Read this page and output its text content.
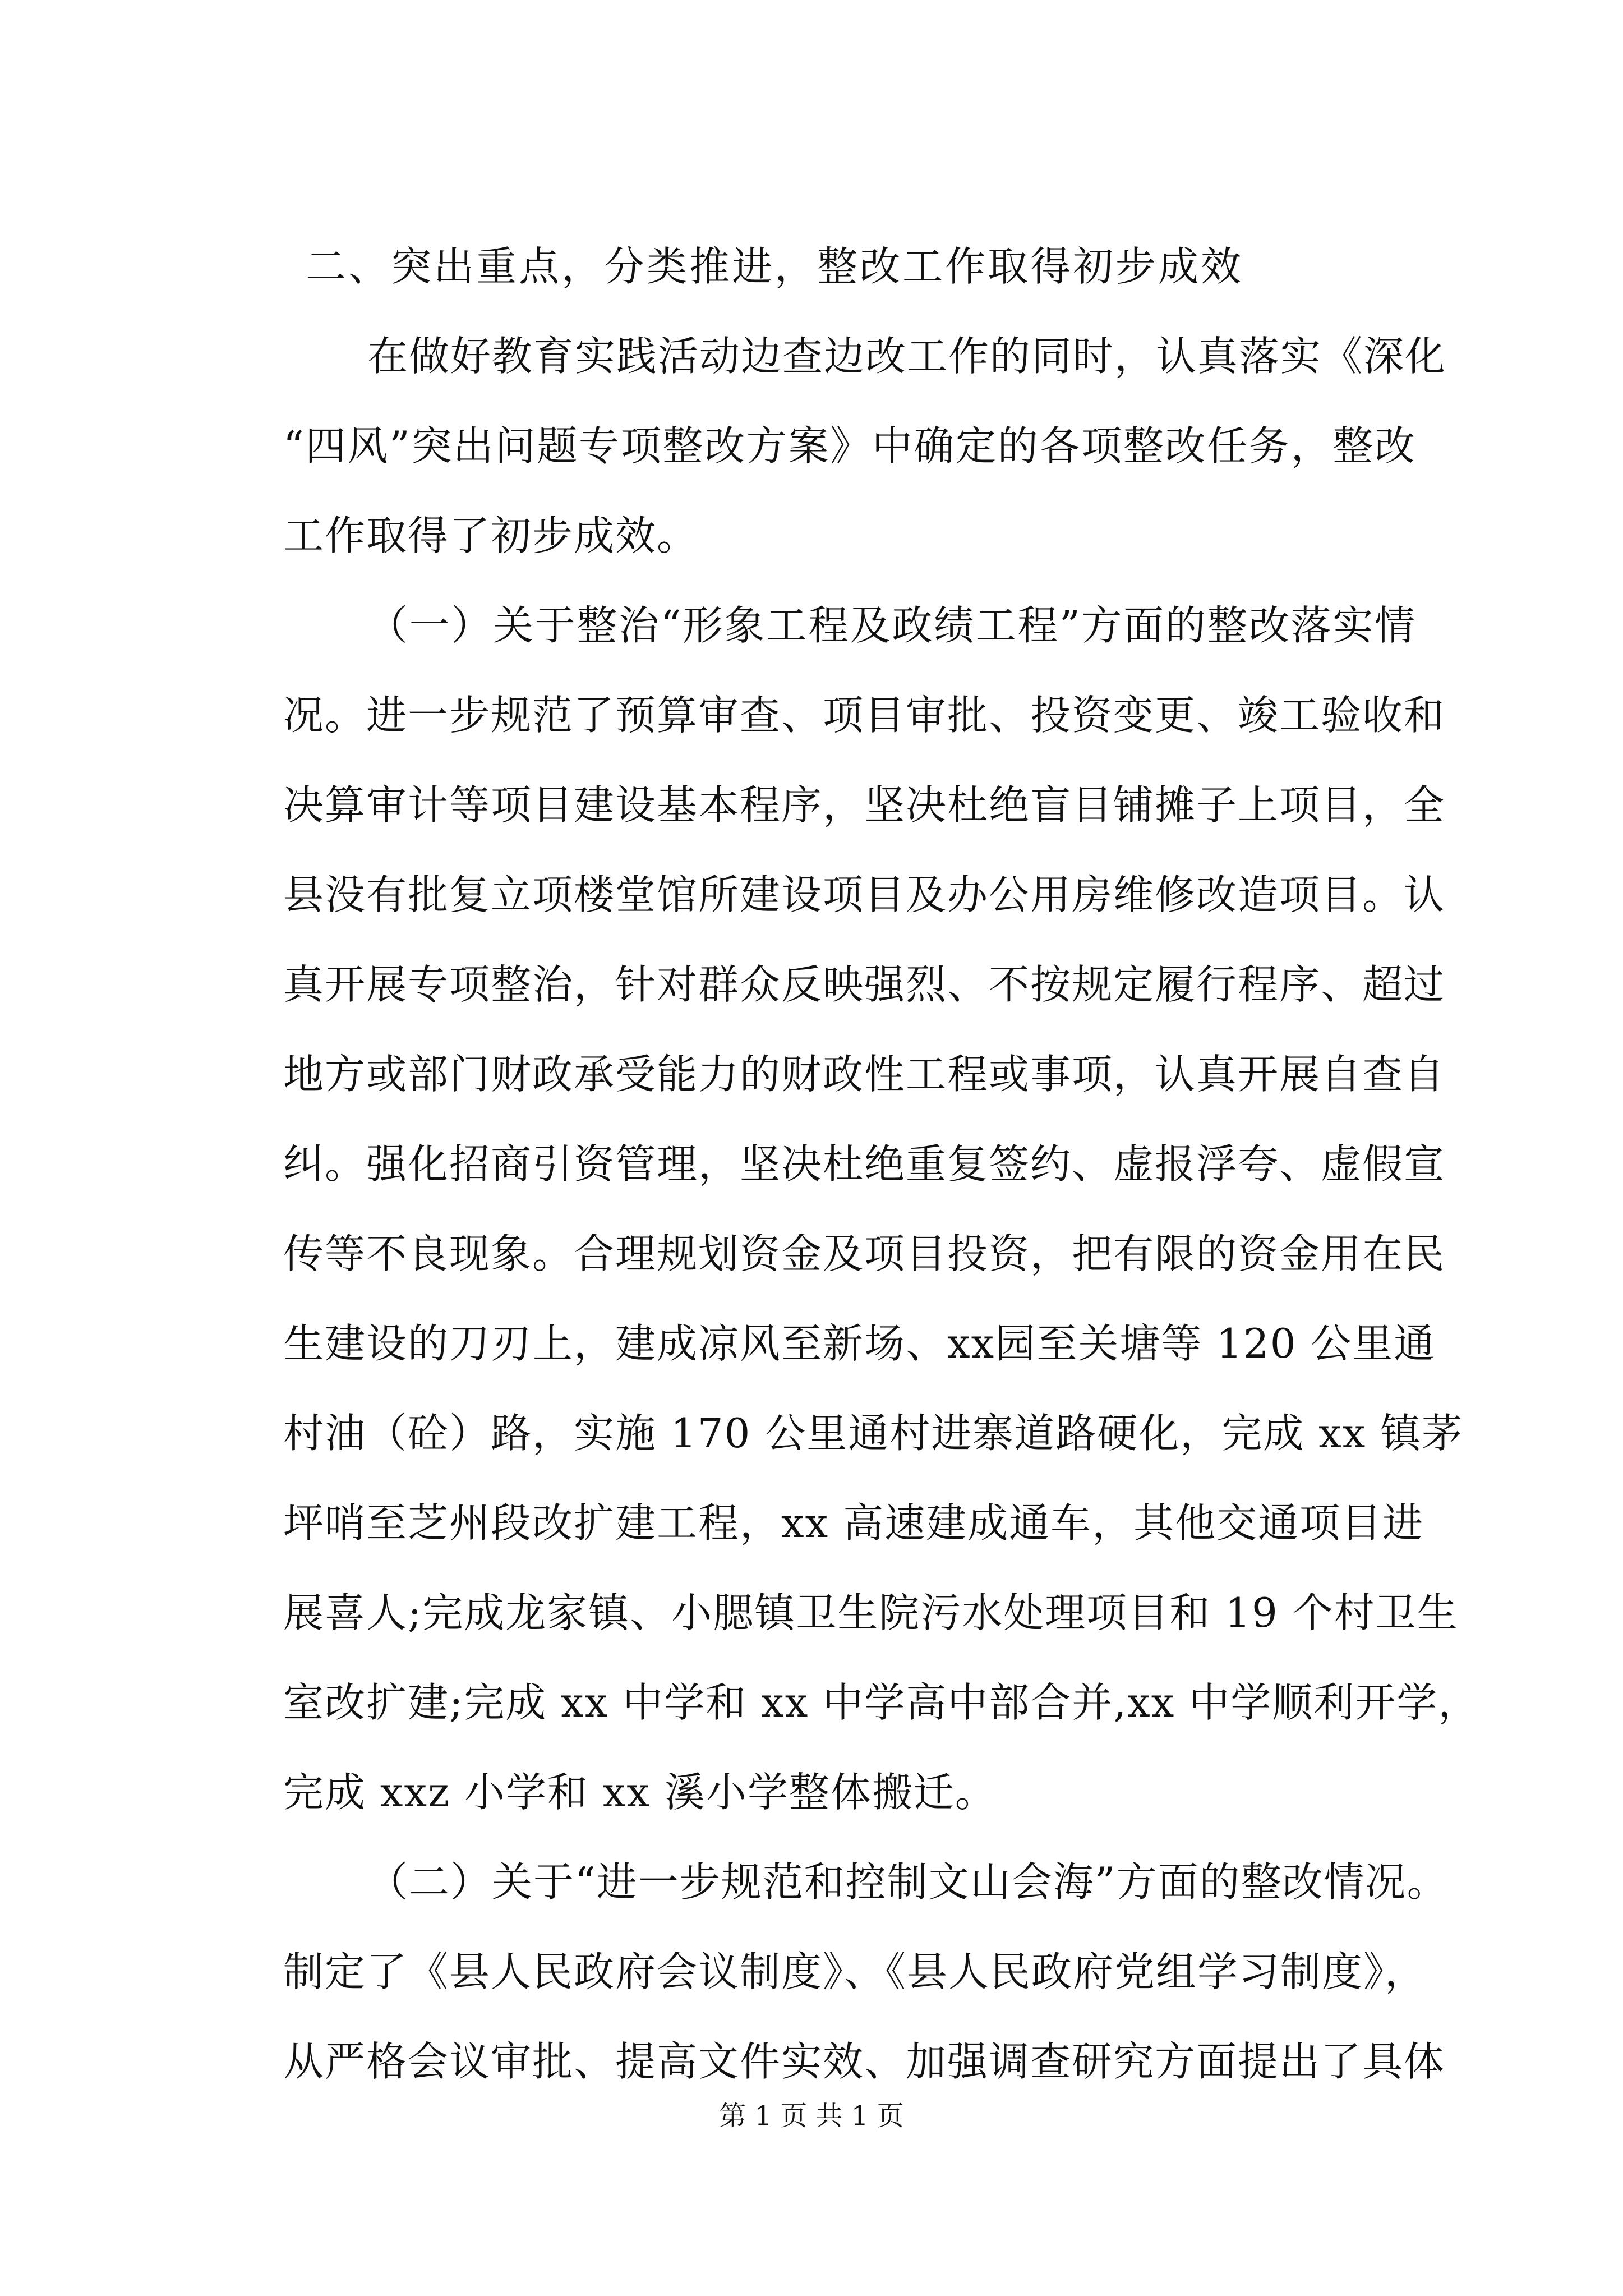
二、突出重点，分类推进，整改工作取得初步成效
在做好教育实践活动边查边改工作的同时，认真落实《深化
“四风”突出问题专项整改方案》中确定的各项整改任务，整改
工作取得了初步成效。
（一）关于整治“形象工程及政绩工程”方面的整改落实情
况。进一步规范了预算审查、项目审批、投资变更、竣工验收和
决算审计等项目建设基本程序，坚决杜绝盲目铺摊子上项目，全
县没有批复立项楼堂馆所建设项目及办公用房维修改造项目。认
真开展专项整治，针对群众反映强烈、不按规定履行程序、超过
地方或部门财政承受能力的财政性工程或事项，认真开展自查自
纠。强化招商引资管理，坚决杜绝重复签约、虚报浮夸、虚假宣
传等不良现象。合理规划资金及项目投资，把有限的资金用在民
生建设的刀刃上，建成凉风至新场、xx园至关塘等 120 公里通
村油（砼）路，实施 170 公里通村进寨道路硬化，完成 xx 镇茅
坪哨至芝州段改扩建工程，xx 高速建成通车，其他交通项目进
展喜人;完成龙家镇、小腮镇卫生院污水处理项目和 19 个村卫生
室改扩建;完成 xx 中学和 xx 中学高中部合并,xx 中学顺利开学，
完成 xxz 小学和 xx 溪小学整体搬迁。
（二）关于“进一步规范和控制文山会海”方面的整改情况。
制定了《县人民政府会议制度》、《县人民政府党组学习制度》，
从严格会议审批、提高文件实效、加强调查研究方面提出了具体
第 1 页 共 1 页
